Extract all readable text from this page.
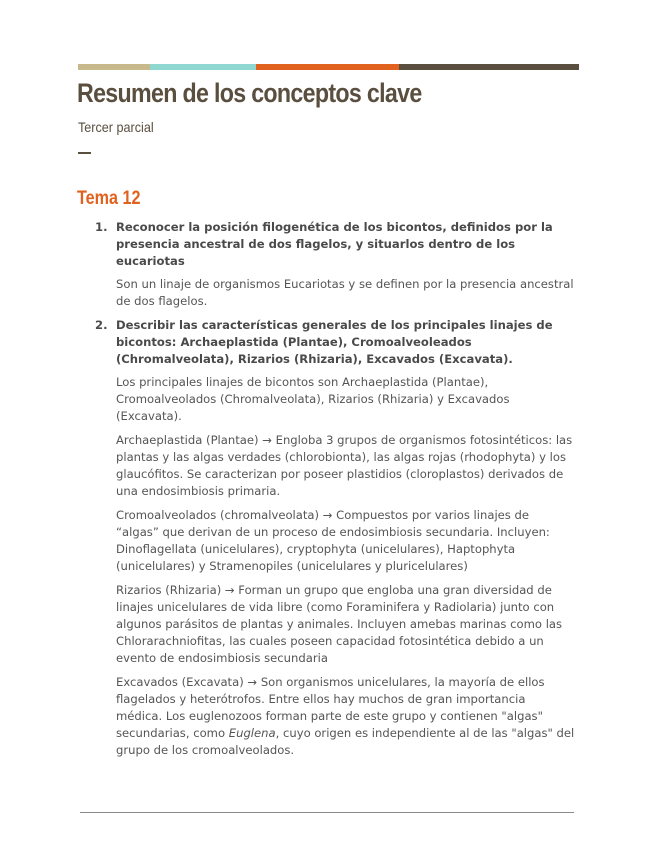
Resumen de los conceptos clave
Tercer parcial
Tema 12
1. Reconocer la posición filogenética de los bicontos, definidos por la presencia ancestral de dos flagelos, y situarlos dentro de los eucariotas

Son un linaje de organismos Eucariotas y se definen por la presencia ancestral de dos flagelos.

2. Describir las características generales de los principales linajes de bicontos: Archaeplastida (Plantae), Cromoalveoleados (Chromalveolata), Rizarios (Rhizaria), Excavados (Excavata).

Los principales linajes de bicontos son Archaeplastida (Plantae), Cromoalveolados (Chromalveolata), Rizarios (Rhizaria) y Excavados (Excavata).

Archaeplastida (Plantae) → Engloba 3 grupos de organismos fotosintéticos: las plantas y las algas verdades (chlorobionta), las algas rojas (rhodophyta) y los glaucófitos. Se caracterizan por poseer plastidios (cloroplastos) derivados de una endosimbiosis primaria.

Cromoalveolados (chromalveolata) → Compuestos por varios linajes de “algas” que derivan de un proceso de endosimbiosis secundaria. Incluyen: Dinoflagellata (unicelulares), cryptophyta (unicelulares), Haptophyta (unicelulares) y Stramenopiles (unicelulares y pluricelulares)

Rizarios (Rhizaria) → Forman un grupo que engloba una gran diversidad de linajes unicelulares de vida libre (como Foraminifera y Radiolaria) junto con algunos parásitos de plantas y animales. Incluyen amebas marinas como las Chlorarachniofitas, las cuales poseen capacidad fotosintética debido a un evento de endosimbiosis secundaria

Excavados (Excavata) → Son organismos unicelulares, la mayoría de ellos flagelados y heterótrofos. Entre ellos hay muchos de gran importancia médica. Los euglenozoos forman parte de este grupo y contienen "algas" secundarias, como Euglena, cuyo origen es independiente al de las "algas" del grupo de los cromoalveolados.
